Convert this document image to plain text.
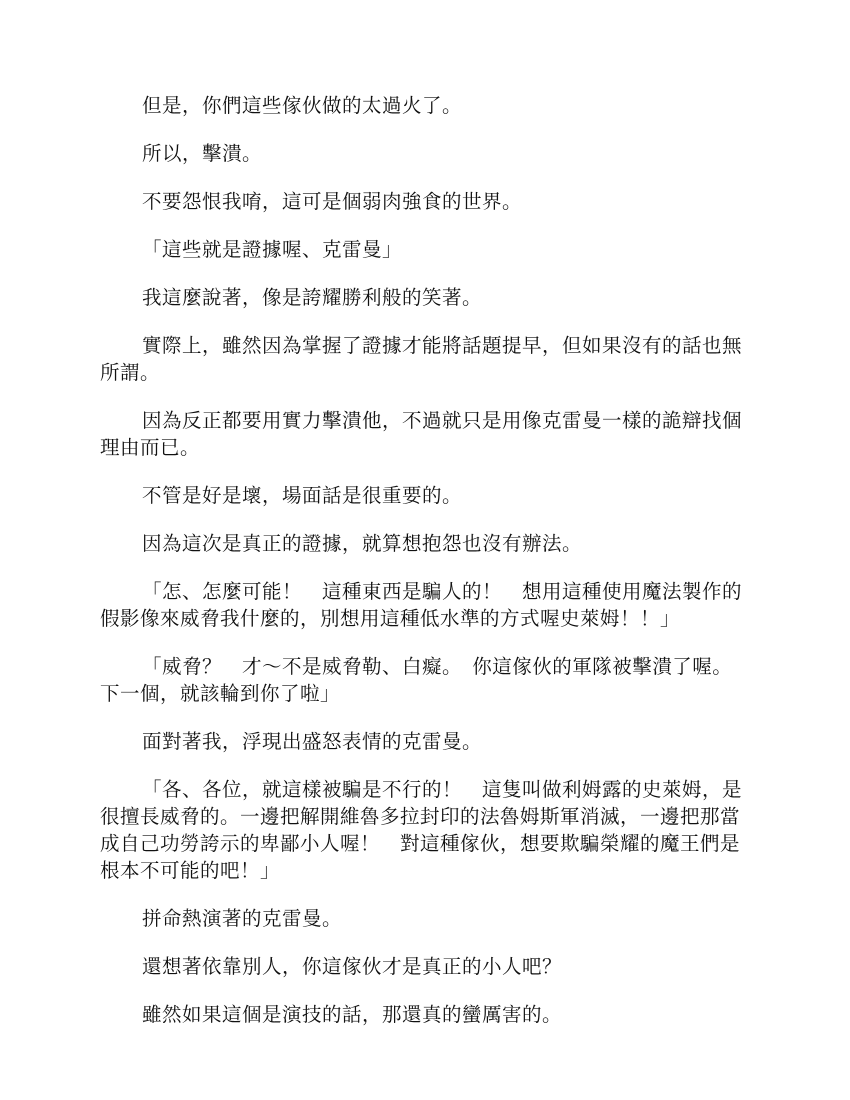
但是，你們這些傢伙做的太過火了。

所以，擊潰。

不要怨恨我唷，這可是個弱肉強食的世界。

「這些就是證據喔、克雷曼」

我這麼說著，像是誇耀勝利般的笑著。

實際上，雖然因為掌握了證據才能將話題提早，但如果沒有的話也無所謂。

因為反正都要用實力擊潰他，不過就只是用像克雷曼一樣的詭辯找個理由而已。

不管是好是壞，場面話是很重要的。

因為這次是真正的證據，就算想抱怨也沒有辦法。

「怎、怎麼可能！　這種東西是騙人的！　想用這種使用魔法製作的假影像來威脅我什麼的，別想用這種低水準的方式喔史萊姆！！」

「威脅？　才～不是威脅勒、白癡。　你這傢伙的軍隊被擊潰了喔。下一個，就該輪到你了啦」

面對著我，浮現出盛怒表情的克雷曼。

「各、各位，就這樣被騙是不行的！　這隻叫做利姆露的史萊姆，是很擅長威脅的。一邊把解開維魯多拉封印的法魯姆斯軍消滅，一邊把那當成自己功勞誇示的卑鄙小人喔！　對這種傢伙，想要欺騙榮耀的魔王們是根本不可能的吧！」

拼命熱演著的克雷曼。

還想著依靠別人，你這傢伙才是真正的小人吧？

雖然如果這個是演技的話，那還真的蠻厲害的。
